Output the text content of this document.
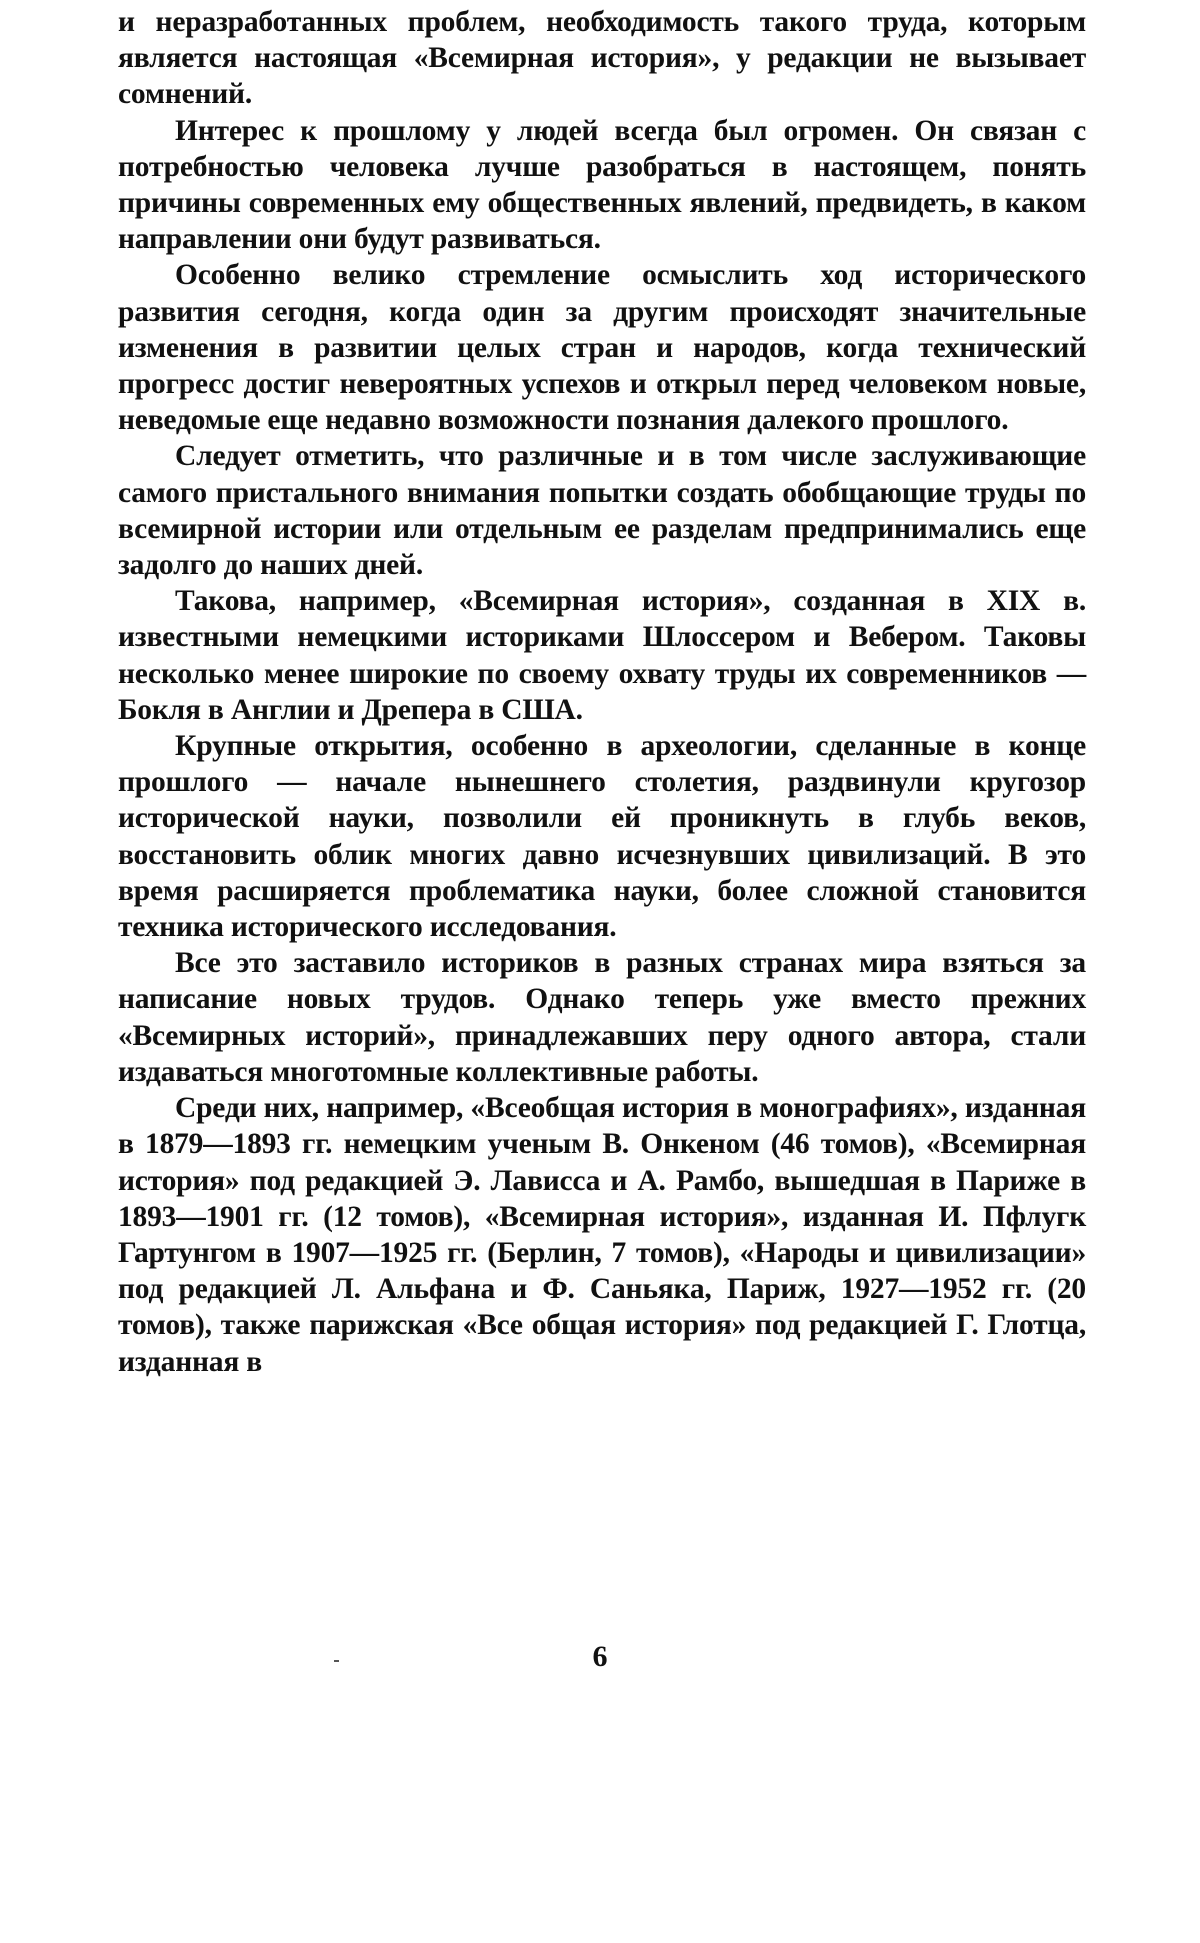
и неразработанных проблем, необходимость такого труда, которым является настоящая «Всемирная история», у редакции не вызывает сомнений.

Интерес к прошлому у людей всегда был огромен. Он связан с потребностью человека лучше разобраться в настоящем, понять причины современных ему общественных явлений, предвидеть, в каком направлении они будут развиваться.

Особенно велико стремление осмыслить ход исторического развития сегодня, когда один за другим происходят значительные изменения в развитии целых стран и народов, когда технический прогресс достиг невероятных успехов и открыл перед человеком новые, неведомые еще недавно возможности познания далекого прошлого.

Следует отметить, что различные и в том числе заслуживающие самого пристального внимания попытки создать обобщающие труды по всемирной истории или отдельным ее разделам предпринимались еще задолго до наших дней.

Такова, например, «Всемирная история», созданная в XIX в. известными немецкими историками Шлоссером и Вебером. Таковы несколько менее широкие по своему охвату труды их современников — Бокля в Англии и Дрепера в США.

Крупные открытия, особенно в археологии, сделанные в конце прошлого — начале нынешнего столетия, раздвинули кругозор исторической науки, позволили ей проникнуть в глубь веков, восстановить облик многих давно исчезнувших цивилизаций. В это время расширяется проблематика науки, более сложной становится техника исторического исследования.

Все это заставило историков в разных странах мира взяться за написание новых трудов. Однако теперь уже вместо прежних «Всемирных историй», принадлежавших перу одного автора, стали издаваться многотомные коллективные работы.

Среди них, например, «Всеобщая история в монографиях», изданная в 1879—1893 гг. немецким ученым В. Онкеном (46 томов), «Всемирная история» под редакцией Э. Лависса и А. Рамбо, вышедшая в Париже в 1893—1901 гг. (12 томов), «Всемирная история», изданная И. Пфлугк Гартунгом в 1907—1925 гг. (Берлин, 7 томов), «Народы и цивилизации» под редакцией Л. Альфана и Ф. Саньяка, Париж, 1927—1952 гг. (20 томов), также парижская «Все общая история» под редакцией Г. Глотца, изданная в

6
